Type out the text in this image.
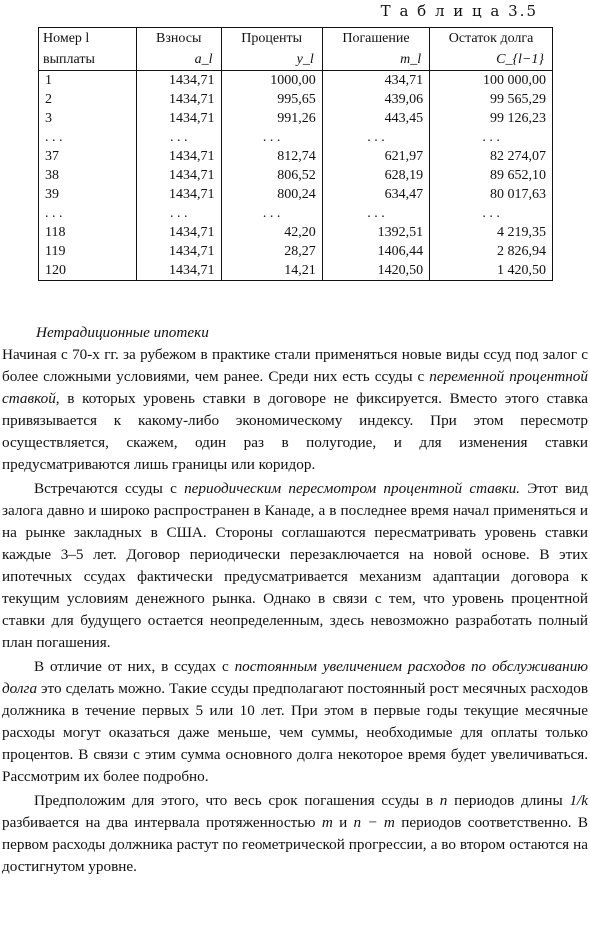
Т а б л и ц а 3.5
Номер l	Взносы	Проценты	Погашение	Остаток долга
выплаты	a_l	y_l	m_l	C_{l−1}
1	1434,71	1000,00	434,71	100 000,00
2	1434,71	995,65	439,06	99 565,29
3	1434,71	991,26	443,45	99 126,23
. . .	. . .	. . .	. . .	. . .
37	1434,71	812,74	621,97	82 274,07
38	1434,71	806,52	628,19	89 652,10
39	1434,71	800,24	634,47	80 017,63
. . .	. . .	. . .	. . .	. . .
118	1434,71	42,20	1392,51	4 219,35
119	1434,71	28,27	1406,44	2 826,94
120	1434,71	14,21	1420,50	1 420,50

Нетрадиционные ипотеки

Начиная с 70-х гг. за рубежом в практике стали применяться новые виды ссуд под залог с более сложными условиями, чем ранее. Среди них есть ссуды с переменной процентной ставкой, в которых уровень ставки в договоре не фиксируется. Вместо этого ставка привязывается к какому-либо экономическому индексу. При этом пересмотр осуществляется, скажем, один раз в полугодие, и для изменения ставки предусматриваются лишь границы или коридор.

Встречаются ссуды с периодическим пересмотром процентной ставки. Этот вид залога давно и широко распространен в Канаде, а в последнее время начал применяться и на рынке закладных в США. Стороны соглашаются пересматривать уровень ставки каждые 3–5 лет. Договор периодически перезаключается на новой основе. В этих ипотечных ссудах фактически предусматривается механизм адаптации договора к текущим условиям денежного рынка. Однако в связи с тем, что уровень процентной ставки для будущего остается неопределенным, здесь невозможно разработать полный план погашения.

В отличие от них, в ссудах с постоянным увеличением расходов по обслуживанию долга это сделать можно. Такие ссуды предполагают постоянный рост месячных расходов должника в течение первых 5 или 10 лет. При этом в первые годы текущие месячные расходы могут оказаться даже меньше, чем суммы, необходимые для оплаты только процентов. В связи с этим сумма основного долга некоторое время будет увеличиваться. Рассмотрим их более подробно.

Предположим для этого, что весь срок погашения ссуды в n периодов длины 1/k разбивается на два интервала протяженностью m и n − m периодов соответственно. В первом расходы должника растут по геометрической прогрессии, а во втором остаются на достигнутом уровне.
